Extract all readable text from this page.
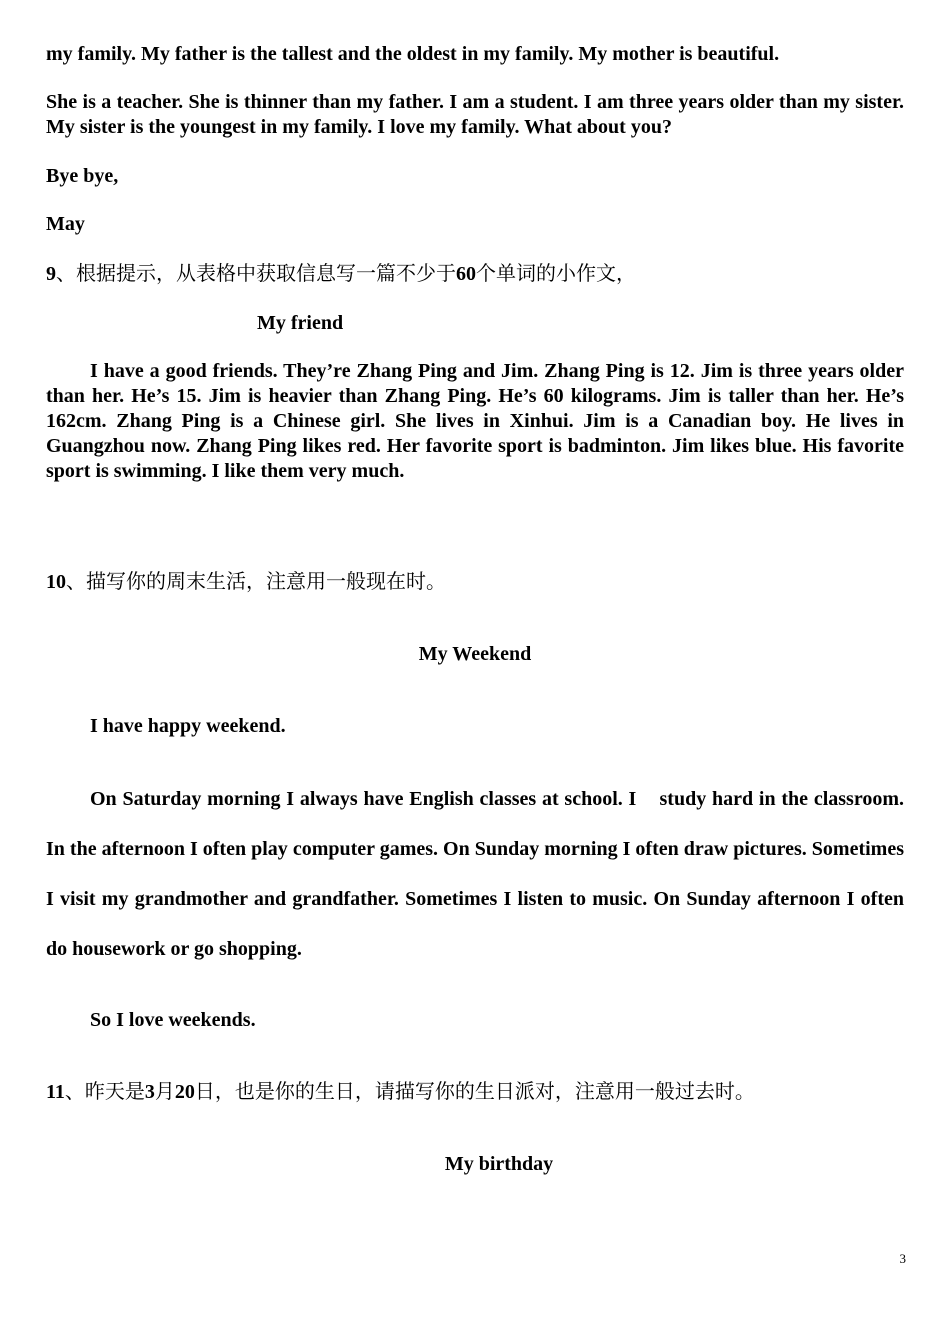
my family. My father is the tallest and the oldest in my family. My mother is beautiful.

She is a teacher. She is thinner than my father. I am a student. I am three years older than my sister. My sister is the youngest in my family. I love my family. What about you?

Bye bye,

May

9、根据提示，从表格中获取信息写一篇不少于60个单词的小作文，

My friend

I have a good friends. They’re Zhang Ping and Jim. Zhang Ping is 12. Jim is three years older than her. He’s 15. Jim is heavier than Zhang Ping. He’s 60 kilograms. Jim is taller than her. He’s 162cm. Zhang Ping is a Chinese girl. She lives in Xinhui. Jim is a Canadian boy. He lives in Guangzhou now. Zhang Ping likes red. Her favorite sport is badminton. Jim likes blue. His favorite sport is swimming. I like them very much.

10、描写你的周末生活，注意用一般现在时。

My Weekend

I have happy weekend.

On Saturday morning I always have English classes at school. I    study hard in the classroom. In the afternoon I often play computer games. On Sunday morning I often draw pictures. Sometimes I visit my grandmother and grandfather. Sometimes I listen to music. On Sunday afternoon I often do housework or go shopping.

So I love weekends.

11、昨天是3月20日，也是你的生日，请描写你的生日派对，注意用一般过去时。

My birthday

3
